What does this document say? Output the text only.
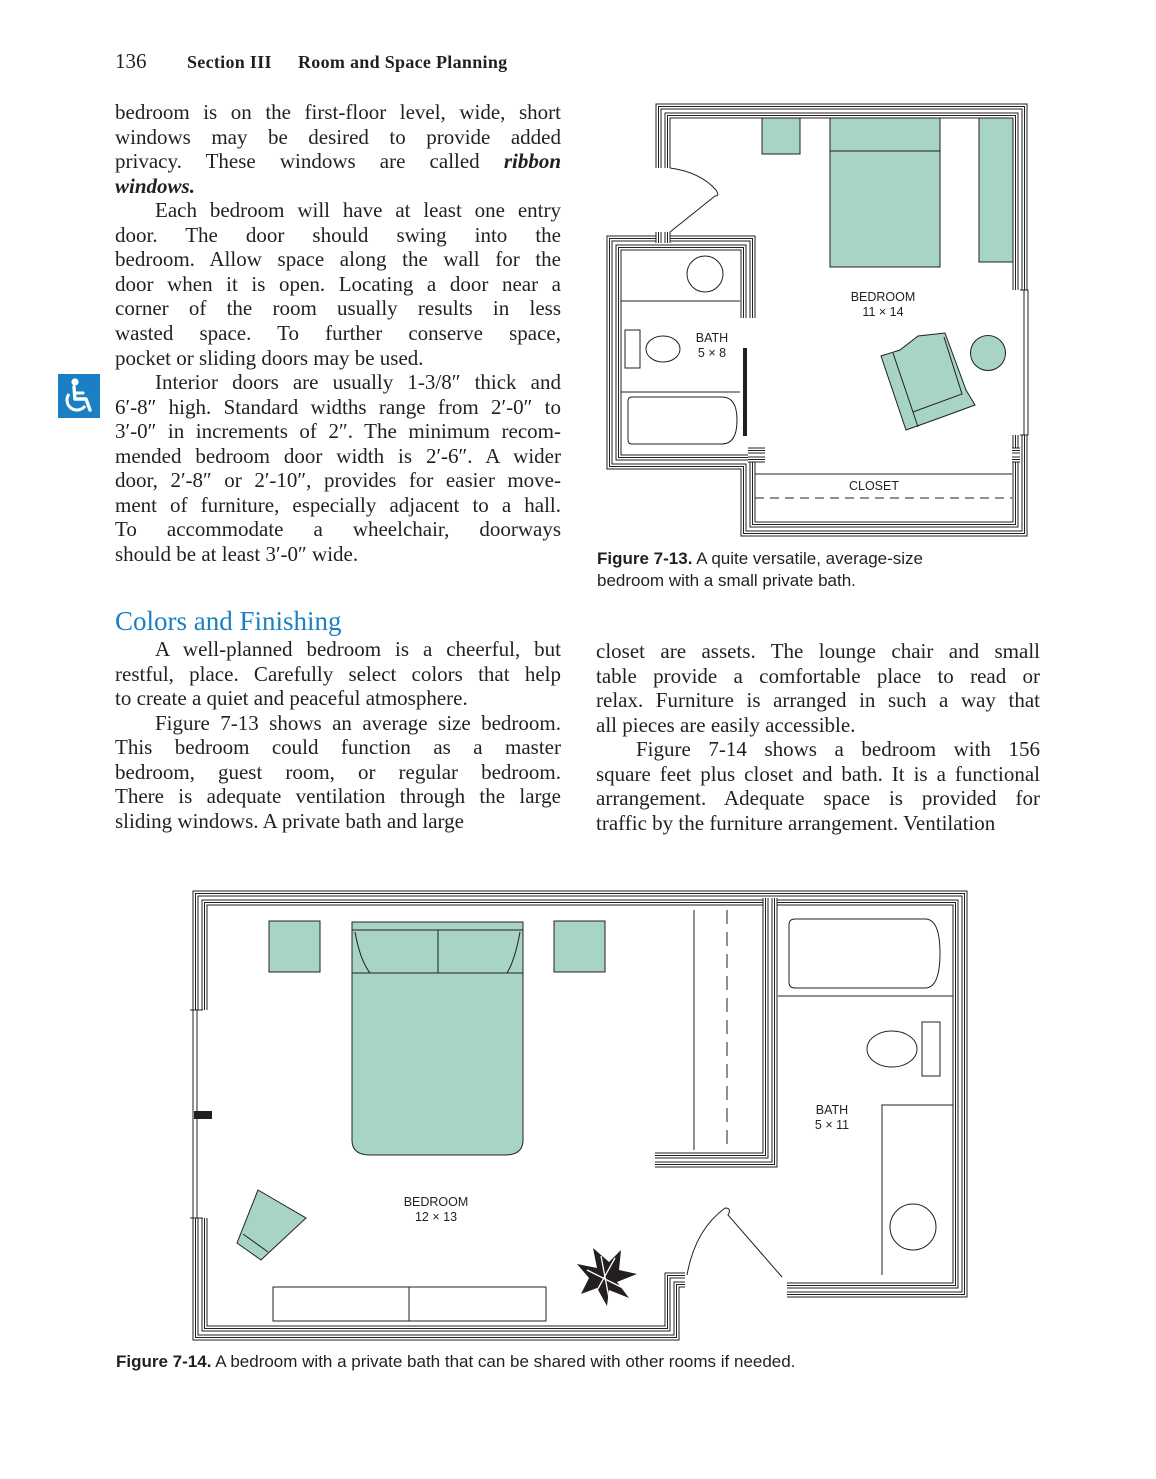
136 Section III Room and Space Planning
bedroom is on the first-floor level, wide, short
windows may be desired to provide added
privacy. These windows are called ribbon
windows.
Each bedroom will have at least one entry
door. The door should swing into the
bedroom. Allow space along the wall for the
door when it is open. Locating a door near a
corner of the room usually results in less
wasted space. To further conserve space,
pocket or sliding doors may be used.
Interior doors are usually 1-3/8″ thick and
6′-8″ high. Standard widths range from 2′-0″ to
3′-0″ in increments of 2″. The minimum recom-
mended bedroom door width is 2′-6″. A wider
door, 2′-8″ or 2′-10″, provides for easier move-
ment of furniture, especially adjacent to a hall.
To accommodate a wheelchair, doorways
should be at least 3′-0″ wide.
A well-planned bedroom is a cheerful, but
restful, place. Carefully select colors that help
to create a quiet and peaceful atmosphere.
Figure 7-13 shows an average size bedroom.
This bedroom could function as a master
bedroom, guest room, or regular bedroom.
There is adequate ventilation through the large
sliding windows. A private bath and large
closet are assets. The lounge chair and small
table provide a comfortable place to read or
relax. Furniture is arranged in such a way that
all pieces are easily accessible.
Figure 7-14 shows a bedroom with 156
square feet plus closet and bath. It is a functional
arrangement. Adequate space is provided for
traffic by the furniture arrangement. Ventilation
Colors and Finishing
BEDROOM
11 × 14
BATH
5 × 8
CLOSET
Figure 7-13. A quite versatile, average-size
bedroom with a small private bath.
BEDROOM
12 × 13
BATH
5 × 11
Figure 7-14. A bedroom with a private bath that can be shared with other rooms if needed.
